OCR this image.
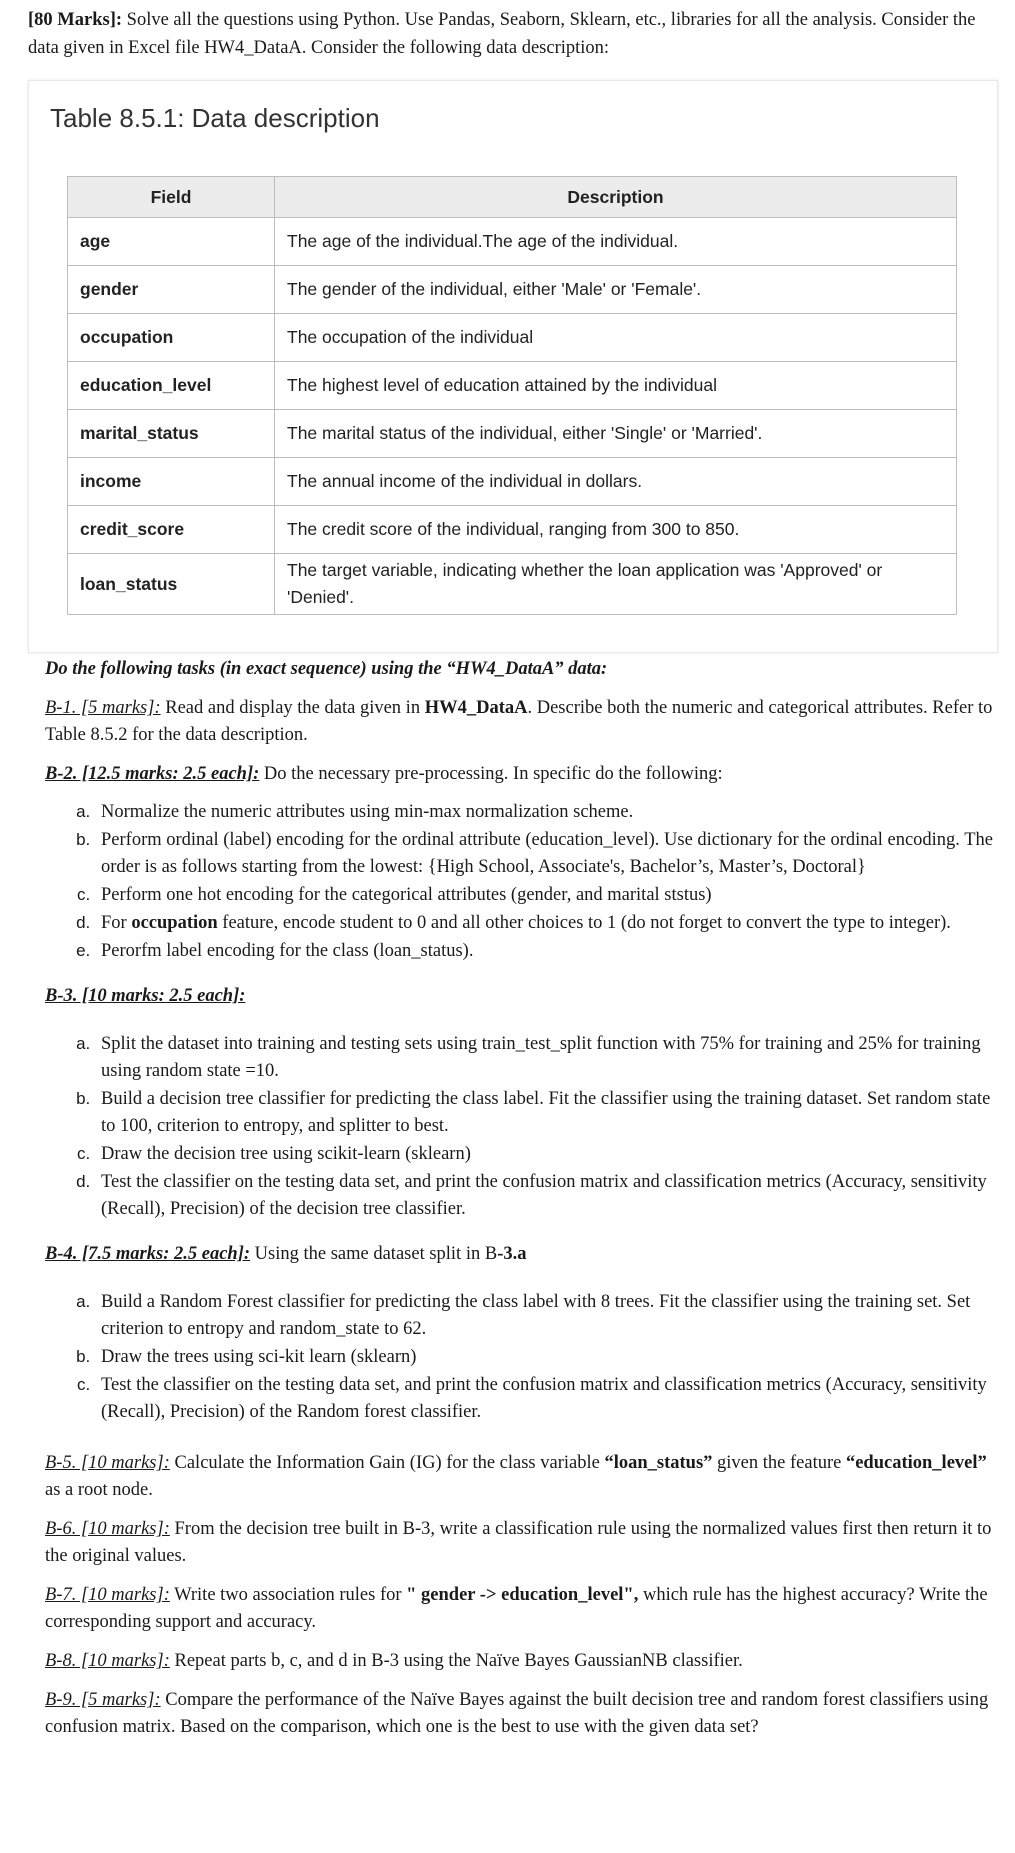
[80 Marks]: Solve all the questions using Python. Use Pandas, Seaborn, Sklearn, etc., libraries for all the analysis. Consider the data given in Excel file HW4_DataA. Consider the following data description:
Table 8.5.1: Data description
Field	Description
age	The age of the individual.The age of the individual.
gender	The gender of the individual, either 'Male' or 'Female'.
occupation	The occupation of the individual
education_level	The highest level of education attained by the individual
marital_status	The marital status of the individual, either 'Single' or 'Married'.
income	The annual income of the individual in dollars.
credit_score	The credit score of the individual, ranging from 300 to 850.
loan_status	The target variable, indicating whether the loan application was 'Approved' or 'Denied'.

Do the following tasks (in exact sequence) using the “HW4_DataA” data:

B-1. [5 marks]: Read and display the data given in HW4_DataA. Describe both the numeric and categorical attributes. Refer to Table 8.5.2 for the data description.

B-2. [12.5 marks: 2.5 each]: Do the necessary pre-processing. In specific do the following:

a. Normalize the numeric attributes using min-max normalization scheme.
b. Perform ordinal (label) encoding for the ordinal attribute (education_level). Use dictionary for the ordinal encoding. The order is as follows starting from the lowest: {High School, Associate's, Bachelor’s, Master’s, Doctoral}
c. Perform one hot encoding for the categorical attributes (gender, and marital ststus)
d. For occupation feature, encode student to 0 and all other choices to 1 (do not forget to convert the type to integer).
e. Perorfm label encoding for the class (loan_status).

B-3. [10 marks: 2.5 each]:

a. Split the dataset into training and testing sets using train_test_split function with 75% for training and 25% for training using random state =10.
b. Build a decision tree classifier for predicting the class label. Fit the classifier using the training dataset. Set random state to 100, criterion to entropy, and splitter to best.
c. Draw the decision tree using scikit-learn (sklearn)
d. Test the classifier on the testing data set, and print the confusion matrix and classification metrics (Accuracy, sensitivity (Recall), Precision) of the decision tree classifier.

B-4. [7.5 marks: 2.5 each]: Using the same dataset split in B-3.a

a. Build a Random Forest classifier for predicting the class label with 8 trees. Fit the classifier using the training set. Set criterion to entropy and random_state to 62.
b. Draw the trees using sci-kit learn (sklearn)
c. Test the classifier on the testing data set, and print the confusion matrix and classification metrics (Accuracy, sensitivity (Recall), Precision) of the Random forest classifier.

B-5. [10 marks]: Calculate the Information Gain (IG) for the class variable “loan_status” given the feature “education_level” as a root node.

B-6. [10 marks]: From the decision tree built in B-3, write a classification rule using the normalized values first then return it to the original values.

B-7. [10 marks]: Write two association rules for " gender -> education_level", which rule has the highest accuracy? Write the corresponding support and accuracy.

B-8. [10 marks]: Repeat parts b, c, and d in B-3 using the Naïve Bayes GaussianNB classifier.

B-9. [5 marks]: Compare the performance of the Naïve Bayes against the built decision tree and random forest classifiers using confusion matrix. Based on the comparison, which one is the best to use with the given data set?
